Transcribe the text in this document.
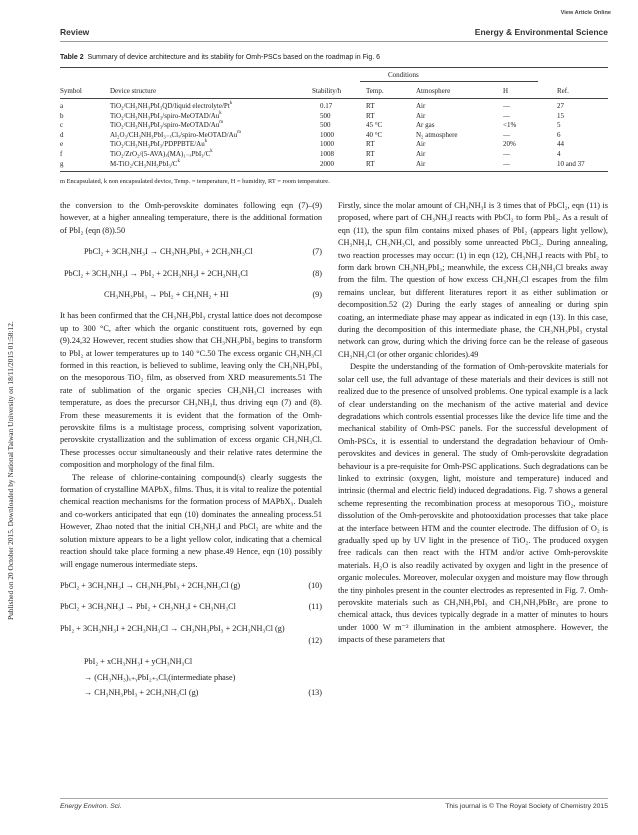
View Article Online
Review	Energy & Environmental Science
Published on 20 October 2015. Downloaded by National Taiwan University on 18/11/2015 01:58:12.
Table 2 Summary of device architecture and its stability for Omh-PSCs based on the roadmap in Fig. 6
Conditions
Symbol	Device structure	Stability/h	Temp.	Atmosphere	H	Ref.
a	TiO₂/CH₃NH₃PbI₃QD/liquid electrolyte/Pt$^k$	0.17	RT	Air	—	27
b	TiO₂/CH₃NH₃PbI₃/spiro-MeOTAD/Au$^k$	500	RT	Air	—	15
c	TiO₂/CH₃NH₃PbI₃/spiro-MeOTAD/Au$^m$	500	45 °C	Ar gas	<1%	5
d	Al₂O₃/CH₃NH₃PbI₃₋ₓClₓ/spiro-MeOTAD/Au$^m$	1000	40 °C	N₂ atmosphere	—	6
e	TiO₂/CH₃NH₃PbI₃/PDPPBTE/Au$^k$	1000	RT	Air	20%	44
f	TiO₂/$ZrO_2/(5-AVA)_x(MA)_{1-x}PbI_3/C^k$	1008	RT	Air	—	4
g	$M-TiO_2/CH_3NH_3PbI_3/C^k$	2000	RT	Air	—	10 and 37
m Encapsulated, k non encapsulated device, Temp. = temperature, H = humidity, RT = room temperature.

the conversion to the Omh-perovskite dominates following eqn (7)–(9) however, at a higher annealing temperature, there is the additional formation of PbI₂ (eqn (8)).50

PbCl₂ + 3CH₃NH₃I → CH₃NH₃PbI₃ + 2CH₃NH₃Cl	(7)
PbCl₂ + 3CH₃NH₃I → PbI₂ + 2CH₃NH₃I + 2CH₃NH₃Cl	(8)
CH₃NH₃PbI₃ → PbI₂ + CH₃NH₂ + HI	(9)

It has been confirmed that the CH₃NH₃PbI₃ crystal lattice does not decompose up to 300 °C, after which the organic constituent rots, governed by eqn (9).24,32 However, recent studies show that CH₃NH₃PbI₃ begins to transform to PbI₂ at lower temperatures up to 140 °C.50 The excess organic CH₃NH₃Cl formed in this reaction, is believed to sublime, leaving only the CH₃NH₃PbI₃ on the mesoporous TiO₂ film, as observed from XRD measurements.51 The rate of sublimation of the organic species CH₃NH₃Cl increases with temperature, as does the precursor CH₃NH₃I, thus driving eqn (7) and (8). From these measurements it is evident that the formation of the Omh-perovskite films is a multistage process, comprising solvent vaporization, perovskite crystallization and the sublimation of excess organic CH₃NH₃Cl. These processes occur simultaneously and their relative rates determine the composition and morphology of the final film.

The release of chlorine-containing compound(s) clearly suggests the formation of crystalline MAPbX₃ films. Thus, it is vital to realize the potential chemical reaction mechanisms for the formation process of MAPbX₃. Dualeh and co-workers anticipated that eqn (10) dominates the annealing process.51 However, Zhao noted that the initial CH₃NH₃I and PbCl₂ are white and the solution mixture appears to be a light yellow color, indicating that a chemical reaction should take place forming a new phase.49 Hence, eqn (10) possibly will engage numerous intermediate steps.

PbCl₂ + 3CH₃NH₃I → CH₃NH₃PbI₃ + 2CH₃NH₃Cl (g)	(10)
PbCl₂ + 3CH₃NH₃I → PbI₂ + CH₃NH₃I + CH₃NH₃Cl	(11)
PbI₂ + 3CH₃NH₃I + 2CH₃NH₃Cl → CH₃NH₃PbI₃ + 2CH₃NH₃Cl (g)
(12)
PbI₂ + xCH₃NH₃I + yCH₃NH₃Cl
→ (CH₃NH₃)ₓ₊ᵧPbI₂₊ₓClᵧ(intermediate phase)
→ CH₃NH₃PbI₃ + 2CH₃NH₃Cl (g)	(13)

Firstly, since the molar amount of CH₃NH₃I is 3 times that of PbCl₂, eqn (11) is proposed, where part of CH₃NH₃I reacts with PbCl₂ to form PbI₂. As a result of eqn (11), the spun film contains mixed phases of PbI₂ (appears light yellow), CH₃NH₃I, CH₃NH₃Cl, and possibly some unreacted PbCl₂. During annealing, two reaction processes may occur: (1) in eqn (12), CH₃NH₃I reacts with PbI₂ to form dark brown CH₃NH₃PbI₃; meanwhile, the excess CH₃NH₃Cl breaks away from the film. The question of how excess CH₃NH₃Cl escapes from the film remains unclear, but different literatures report it as either sublimation or decomposition.52 (2) During the early stages of annealing or during spin coating, an intermediate phase may appear as indicated in eqn (13). In this case, during the decomposition of this intermediate phase, the CH₃NH₃PbI₃ crystal network can grow, during which the driving force can be the release of gaseous CH₃NH₃Cl (or other organic chlorides).49

Despite the understanding of the formation of Omh-perovskite materials for solar cell use, the full advantage of these materials and their devices is still not realized due to the presence of unsolved problems. One typical example is a lack of clear understanding on the mechanism of the active material and device degradations which controls essential processes like the device life time and the mechanical stability of Omh-PSC panels. For the successful development of Omh-PSCs, it is essential to understand the degradation behaviour of Omh-perovskites and devices in general. The study of Omh-perovskite degradation behaviour is a pre-requisite for Omh-PSC applications. Such degradations can be linked to extrinsic (oxygen, light, moisture and temperature) induced and intrinsic (thermal and electric field) induced degradations. Fig. 7 shows a general scheme representing the recombination process at mesoporous TiO₂, moisture dissolution of the Omh-perovskite and photooxidation processes that take place at the interface between HTM and the counter electrode. The diffusion of O₂ is gradually sped up by UV light in the presence of TiO₂. The produced oxygen free radicals can then react with the HTM and/or active Omh-perovskite materials. H₂O is also readily activated by oxygen and light in the presence of organic molecules. Moreover, molecular oxygen and moisture may flow through the tiny pinholes present in the counter electrodes as represented in Fig. 7. Omh-perovskite materials such as CH₃NH₃PbI₃ and CH₃NH₃PbBr₃ are prone to chemical attack, thus devices typically degrade in a matter of minutes to hours under 1000 W m⁻² illumination in the ambient atmosphere. However, the impacts of these parameters that

Energy Environ. Sci.	This journal is © The Royal Society of Chemistry 2015
